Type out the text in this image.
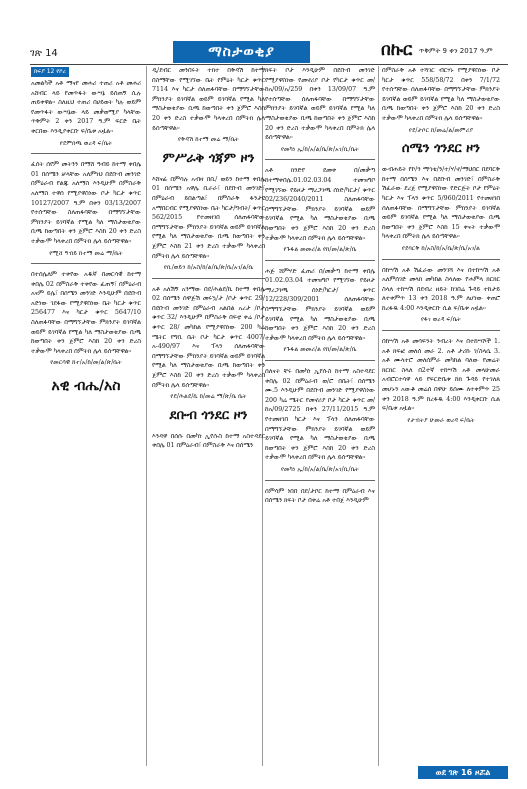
ገጽ 14	ማስታወቂያ	በኩር ጥቅምት 9 ቀን 2017 ዓ.ም
ክፍያ 12 የኮረ

አመልካች አቶ ማናየ መሐሪ ተጠሪ አቶ መሐሪ አሸብር ላይ የመጥፋት ውሣኔ ይሰጠኝ ሲሉ ጠይቀዋል፡፡ ስለዚህ ተጠሪ በሀይወት ካሉ ወይም የመጥፋት ውሣኔው ላይ መቃወሚያ ካላቸው ጥቅምት 2 ቀን 2017 ዓ.ም ፍርድ ቤት ቀርበው እንዲያቀርቡ ፍ/ቤቱ አዟል፡፡

የደምበጫ ወረዳ ፍ/ቤት

ፈሰት ሰየም መትንን በማሸ ዓብይ ከተማ ቀበሌ 01 በሰሜን ቻላቸው አለምነህ በደቡብ መንገድ በምዕራብ የልጁ አለማስ እንዲሁም በምስራቅ አለማስ ተዋሰ የሚያዋስነው ቦታ ካርታ ቁጥር 10127/2007 ዓ.ም በቀን 03/13/2007 የተሰጣቸው ስለጠፋባቸው በማግኘታቸው ምክንያት ይገባኛል የሚል ካለ ማስታወቂያው ቢጫ ከወጣበት ቀን ጀምሮ እስከ 20 ቀን ድረስ ተቃውሞ ካላቀረበ በምትክ ሌላ ይሰጣቸዋል፡፡

የሚሸ ዓብይ ከተማ መሬ ማ/ቤት

በተሰሌለም ተቀየው አዱኛ በመርሳዊ ከተማ ቀበሌ 02 በምስራቅ ተቀየው ፈጠኝ፣ በምዕራብ አናም ይሌ፣ በሰሜን መንገድ እንዲሁም በደቡብ አድነው ገደፋው የሚያዋስነው ቤት ካርታ ቁጥር 256477 እና ካርታ ቁጥር 5647/10 ስለጠፋባቸው በማግኘታቸው ምክንያት ይገባኛል ወይም ይገባኛል የሚል ካለ ማስታወቂያው ቢጫ ከወጣበት ቀን ጀምሮ እስከ 20 ቀን ድረስ ተቃውሞ ካላቀረበ በምትክ ሌላ ይሰጣቸዋል፡፡

የመርሳዊ ከተ/አ/ከ/መ/ል/ጽ/ቤት
አዊ ብሔ/አስ

ዲ/ደብር መንበሩት ተክተ በቅዳሽ ከተማ በስማቸው የሚገኘው ቤት የምዕት ካርታ ቁጥር 7114 እና ካርታ ሰለጠፋባቸው በማግኘታቸው ምክንያት ይገባኛል ወይም ይገባኛል የሚል ካለ ማስታወቂያው ቢጫ ከወጣበት ቀን ጀምሮ እስከ 20 ቀን ድረስ ተቃውሞ ካላቀረበ በምትክ ሌላ ይሰጣቸዋል፡፡

የቅዳሽ ከተማ መሬ ማ/ቤት
ምሥራቅ ጎጃም ዞን

እሸናፊ በምሳሉ አብዛ በቢ/ ወይን ከተማ ቀበሌ 01 በሰሜን አዋሌ ቢራራ፣ በደቡብ መንገድ፣ በምዕራብ ይበልጣል፣ በምስራቅ ፋንታዩ አማበርብር የሚያዋስነው ቤት ካርታ/ግብት/ ቁጥር 562/2015 የተመዘገበ ሰለጠፋባቸው በማግኘታቸው ምክንያት ይገባኛል ወይም ይገባኛል የሚል ካለ ማስታወቂያው ቢጫ ከወጣበት ቀን ጀምሮ እስከ 21 ቀን ድረስ ተቃውሞ ካላቀረበ በምትክ ሌላ ይሰጣቸዋል፡፡

የቢ/ወይን ከ/አስ/ከ/ል/ቤ/ጽ/ቤ/አገ/ል/ቤ

አቶ አለሽኝ አንማው በደ/ሕልደ/ኬ ከተማ ቀበሌ 02 በሰሜን ሰዋጅሽ መሩኳ/ታ /ቦታ ቁጥር 29/ በደቡብ መንገድ በምዕራብ አልበል አረታ /ቦታ ቁጥር 32/ እንዲሁም በምስራቅ በፍቲ ቀሬ /ቦታ ቁጥር 28/ መካከል የሚያዋስነው 200 ካሬ ሜትር የግቢ ቤት ቦታ ካርታ ቁጥር 4007/አ-490/97 እና ፕላን ሰለጠፋባቸው በማግኘታቸው ምክንያት ይገባኛል ወይም ይገባኛል የሚል ካለ ማስታወቂያው ቢጫ ከወጣበት ቀን ጀምሮ እስከ 20 ቀን ድረስ ተቃውሞ ካላቀረበ በምትክ ሌላ ይሰጣቸዋል፡፡

የደ/ሕልደ/ኬ ከ/መሬ ማ/ጽ/ቤ ቤት
ደቡብ ጎንደር ዞን

እንዳዋ በሰሱ በመካነ ኢየሱስ ከተማ አስተዳደር ቀበሌ 01 በምዕራብ፣ በምስራቅ እና በሰሜን

ክፍት ቦታ እንዲሁም በደቡብ መንገድ የሚያዋስነው የመኖሪያ ቦታ የካርታ ቁጥር መ/ከአ/09/አ/259 በቀን 13/09/07 ዓ.ም የተሰጣቸው ሰለጠፋባቸው በማግኘታቸው ምክንያት ይገባኛል ወይም ይገባኛል የሚል ካለ ማስታወቂያው ቢጫ ከወጣበት ቀን ጀምሮ እስከ 20 ቀን ድረስ ተቃውሞ ካላቀረበ በምትክ ሌላ ይሰጣቸዋል፡፡

የመካነ ኢ/ከ/አ/ል/ቤ/ጽ/አገ/ቢ/ቤት

አቶ ክንድየ ደመቀ በ/መቃጣ ከተማቀበሌ.01.02.03.04 ተመዝግቦ የሚገኘው የይዞታ ማረጋገጫ ሰነድ/ካርታ/ ቁጥር 02/236/2040/2011 ስለጠፋባቸው በማግኘታቸው ምክንያት ይገባኛል ወይም ይገባኛል የሚል ካለ ማስታወቂያው ቢጫ ከወጣበት ቀን ጀምሮ እስከ 20 ቀን ድረስ ተቃውሞ ካላቀረበ በምትክ ሌላ ይሰጣቸዋል፡፡

የጉፋል መመሪ/ል የከ/መ/ል/ጽ/ቤ

ሐጅ ሸምሃድ ፈጠሪ በ/መቃጣ ከተማ ቀበሌ 01.02.03.04 ተመዝግቦ የሚገኘው የይዞታ ማረጋገጫ ሰነድ/ካርታ/ ቁጥር 12/228/309/2001 ሰለጠፋባቸው በማግኘታቸው ምክንያት ይገባኛል ወይም ይገባኛል የሚል ካለ ማስታወቂያው ቢጫ ከወጣበት ቀን ጀምሮ እስከ 20 ቀን ድረስ ተቃውሞ ካላቀረበ በምትክ ሌላ ይሰጣቸዋል፡፡

የጉፋል መመሪ/ል የከ/መ/ል/ጽ/ቤ

ሰለናት ቸሩ በመካነ ኢየሱስ ከተማ አስተዳደር ቀበሌ 02 በምዕራብ ወ/ሮ በቤት፣ በሰሜን ሙ.5 እንዲሁም በደቡብ መንገድ የሚያዋስነው 200 ካሬ ሜትር የመኖሪያ ቦታ ካርታ ቁጥር መ/ከአ/09/2725 በቀን 27/11/2015 ዓ.ም የተመዘገበ ካርታ እና ፕላን ሰለጠፋባቸው በማግኘታቸው ምክንያት ይገባኛል ወይም ይገባኛል የሚል ካለ ማስታወቂያው ቢጫ ከወጣበት ቀን ጀምሮ እስከ 20 ቀን ድረስ ተቃውሞ ካላቀረበ በምትክ ሌላ ይሰጣቸዋል፡፡

የመካነ ኢ/ከ/አ/ል/ቤ/ጽ/አገ/ቢ/ቤት

ሰምሳም ነበበ በደ/ታቦር ከተማ በምዕራብ እና በሰሜን ክፍት ቦታ በቀሬ አቶ ተበጀ እንዲሁም

በምስራቅ አቶ ተሻገር ብርሃኑ የሚያዋስነው ቦታ ካርታ ቁጥር 558/58/72 በቀን 7/1/72 የተሰጣቸው ሰለጠፋባቸው በማግኘታቸው ምክንያት ይገባኛል ወይም ይገባኛል የሚል ካለ ማስታወቂያው ቢጫ ከወጣበት ቀን ጀምሮ እስከ 20 ቀን ድረስ ተቃውሞ ካላቀረበ በምትክ ሌላ ይሰጣቸዋል፡፡

የደ/ታቦር ከ/መሬ/ል/መምሪያ
ሰሜን ጎንደር ዞን

ውብሐይት የኮ/ን ማኅቴ/ን/ተ/ሃ/ኖ/ማህበር በደባርቅ ከተማ በሰሜን እና በደቡብ መንገድ፣ በምስራቅ ሽፈራው ደረጀ የሚያዋስነው የድርጅት ቦታ የምዕት ካርታ እና ፕላን ቁጥር 5/960/2011 የተመዘገበ ሰለጠፋባቸው በማግኘታቸው ምክንያት ይገባኛል ወይም ይገባኛል የሚል ካለ ማስታወቂያው ቢጫ ከወጣበት ቀን ጀምሮ እስከ 15 ቀናት ተቃውሞ ካላቀረበ በምትክ ሌላ ይሰጣቸዋል፡፡

የደባርቅ ከ/አስ/ከ/አ/ቤ/ጽ/ቤ/አገ/ል

በከሣሽ አቶ ሽፈራው መንገሻ እና በተከሣሽ አቶ አለምሰገድ መላክ መካከል ስላለው የሐምላ ክርክር ስላለ ተከሣሽ በደብረ ዘይት ከገበሬ ጉዳይ ተከታይ ለተቀምጥ 13 ቀን 2018 ዓ.ም ለሆነው ቀጠሮ ከረፋዱ 4:00 እንዲቀርቡ ሲል ፍ/ቤቱ አዟል፡፡

የፋገ ወረዳ ፍ/ቤት

በከሣሽ አቶ መሳፍንት ንብረት እና በተከሣሾች 1. አቶ ክፍፎ መለሰ መራ 2. አቶ ታሪኩ ገ/ስላሴ 3. አቶ ሙላተሮ መለሰምራ መካከል ባለው የመሬት ክርክር ስላለ በ2ተኛ ተከሣሽ አቶ መላሁመራ አብሮርተሳዋ ላይ የፍርድቤቱ ከክ ጉዳይ የተገለጸ መሆኑን አውቆ መሬሰ በዋሁ ይሰሙ ለተቀምጥ 25 ቀን 2018 ዓ.ም ከረፋዱ 4:00 እንዲቀርቡ ሲል ፍ/ቤቱ አዟል፡፡

የታብትያ ሁመራ ወረዳ ፍ/ቤት
ወደ ገጽ 16 ዞሯል
